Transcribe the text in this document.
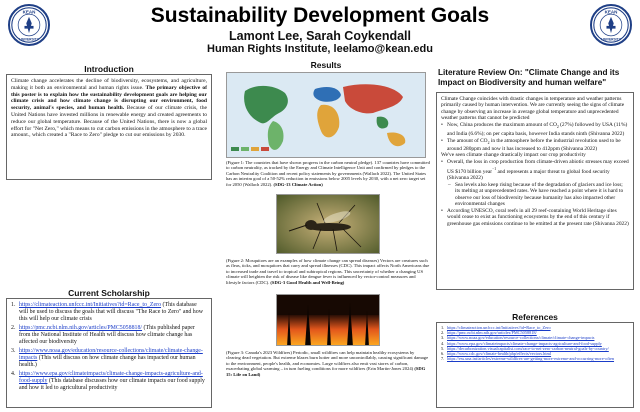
KEAN
UNIVERSITY
KEAN
UNIVERSITY
Sustainability Development Goals
Lamont Lee, Sarah Coykendall
Human Rights Institute, leelamo@kean.edu
Introduction
Climate change accelerates the decline of biodiversity, ecosystems, and agriculture, making it both an environmental and human rights issue. The primary objective of this poster is to explain how the sustainability development goals are helping our climate crisis and how climate change is disrupting our environment, food security, animal's species, and human health. Because of our climate crisis, the United Nations have invested millions in renewable energy and created agreements to reduce our global temperature. Because of the United Nations, there is now a global effort for "Net Zero," which means to cut carbon emissions in the atmosphere to a trace amount., which created a "Race to Zero" pledge to cut our emissions by 2030.
Current Scholarship
1. https://climateaction.unfccc.int/Initiatives?id=Race_to_Zero (This database will be used to discuss the goals that will discuss "The Race to Zero" and how this will help our climate crisis
2. https://pmc.ncbi.nlm.nih.gov/articles/PMC5058818/ (This published paper from the National Institute of Health will discuss how climate change has affected our biodiversity
3. https://www.noaa.gov/education/resource-collections/climate/climate-change-impacts (This will discuss on how climate change has impacted our human health.)
4. https://www.epa.gov/climateimpacts/climate-change-impacts-agriculture-and-food-supply (This database discusses how our climate impacts our food supply and how it led to agricultural productivity
Results
(Figure 1: The countries that have shown progress in the carbon neutral pledge). 137 countries have committed to carbon neutrality, as tracked by the Energy and Climate Intelligence Unit and confirmed by pledges to the Carbon Neutrality Coalition and recent policy statements by governments (Wallach 2022). The United States has an interim goal of a 50-52% reduction in emissions below 2005 levels by 2030, with a net zero target set for 2050 (Wallach 2022). (SDG-13 Climate Action)
(Figure 2: Mosquitoes are an examples of how climate change can spread diseases) Vectors are creatures such as fleas, ticks, and mosquitoes that carry and spread illnesses (CDC). This impact affects North Americans due to increased trade and travel to tropical and subtropical regions. This uncertainty of whether a changing US climate will heighten the risk of disease like dengue fever is influenced by vector-control measures and lifestyle factors (CDC). (SDG-3 Good Health and Well-Being)
(Figure 3: Canada's 2023 Wildfires) Periodic, small wildfires can help maintain healthy ecosystems by clearing dead vegetation. But extreme blazes burn hotter and more uncontrollably, causing significant damage to the environment, people's health, and economies. Large wildfires also emit vast stores of carbon, exacerbating global warming – in turn fueling conditions for more wildfires (Erin Martin-Jones 2024) (SDG 15: Life on Land)
Literature Review On: "Climate Change and its Impact on Biodiversity and human welfare"
Climate Change coincides with drastic changes in temperature and weather patterns primarily caused by human intervention. We are currently seeing the signs of climate change by observing an increase in average global temperature and unprecedented weather patterns that cannot be predicted
• Now, China produces the maximum amount of $CO_2$ (27%) followed by USA (11%) and India (6.6%); on per capita basis, however India stands ninth (Shivanna 2022)
• The amount of $CO_2$ in the atmosphere before the industrial revolution used to be around 280ppm and now it has increased to 412ppm (Shivanna 2022)
We've seen climate change drastically impact our crop productivity
• Overall, the loss in crop production from climate-driven abiotic stresses may exceed US $170 billion year$^{-1}$ and represents a major threat to global food security (Shivanna 2022)
– Sea levels also keep rising because of the degradation of glaciers and ice loss; its melting at unprecedented rates. We have reached a point where it is hard to observe our loss of biodiversity because humanity has also impacted other environmental changes
• According UNESCO, coral reefs in all 29 reef-containing World Heritage sites would cease to exist as functioning ecosystems by the end of this century if greenhouse gas emissions continue to be emitted at the present rate (Shivanna 2022)
References
1. https://climateaction.unfccc.int/Initiatives?id=Race_to_Zero
2. https://pmc.ncbi.nlm.nih.gov/articles/PMC5058818/
3. https://www.noaa.gov/education/resource-collections/climate/climate-change-impacts
4. https://www.epa.gov/climateimpacts/climate-change-impacts-agriculture-and-food-supply
5. https://decarbonization.visualcapitalist.com/race-to-net-zero-carbon-neutral-goals-by-country/
6. https://www.cdc.gov/climate-health/php/effects/vectors.html
7. https://ess.una.int/articles/extreme-wildfires-are-getting-more-extreme-and-occurring-more-often
